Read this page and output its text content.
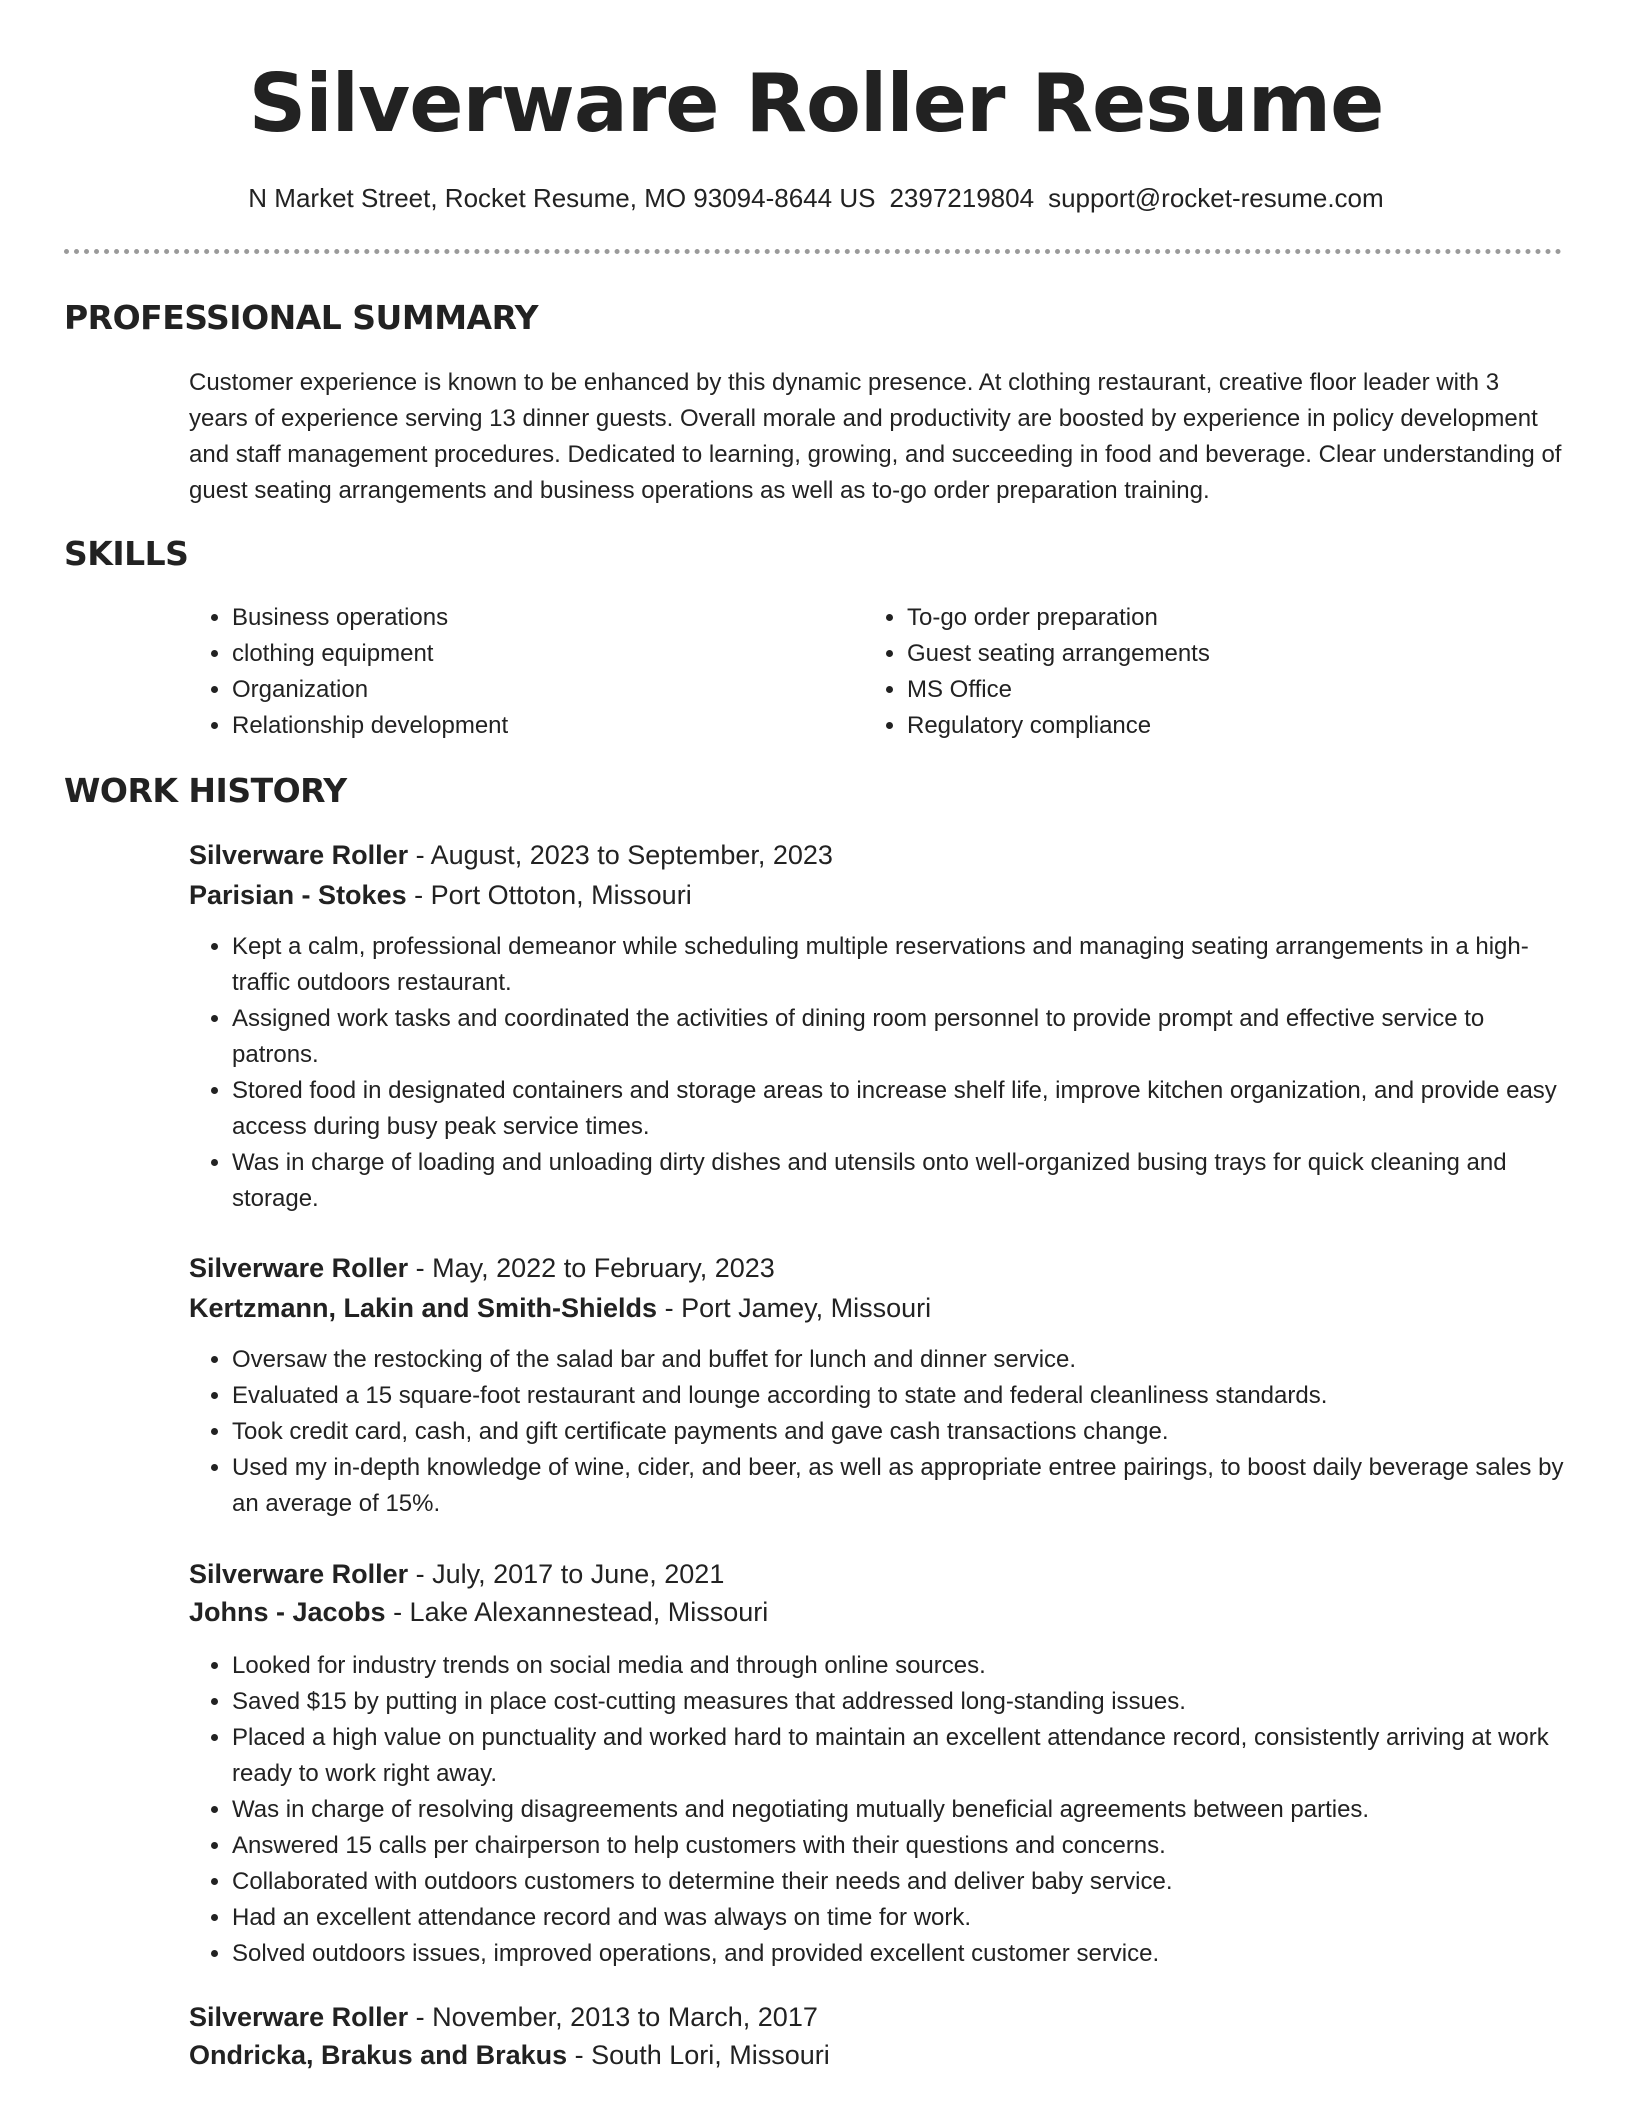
Silverware Roller Resume
N Market Street, Rocket Resume, MO 93094-8644 US 2397219804 support@rocket-resume.com
PROFESSIONAL SUMMARY

Customer experience is known to be enhanced by this dynamic presence. At clothing restaurant, creative floor leader with 3 years of experience serving 13 dinner guests. Overall morale and productivity are boosted by experience in policy development and staff management procedures. Dedicated to learning, growing, and succeeding in food and beverage. Clear understanding of guest seating arrangements and business operations as well as to-go order preparation training.

SKILLS
• Business operations
• clothing equipment
• Organization
• Relationship development
• To-go order preparation
• Guest seating arrangements
• MS Office
• Regulatory compliance
WORK HISTORY

Silverware Roller - August, 2023 to September, 2023

Parisian - Stokes - Port Ottoton, Missouri

• Kept a calm, professional demeanor while scheduling multiple reservations and managing seating arrangements in a high-traffic outdoors restaurant.
• Assigned work tasks and coordinated the activities of dining room personnel to provide prompt and effective service to patrons.
• Stored food in designated containers and storage areas to increase shelf life, improve kitchen organization, and provide easy access during busy peak service times.
• Was in charge of loading and unloading dirty dishes and utensils onto well-organized busing trays for quick cleaning and storage.

Silverware Roller - May, 2022 to February, 2023

Kertzmann, Lakin and Smith-Shields - Port Jamey, Missouri

• Oversaw the restocking of the salad bar and buffet for lunch and dinner service.
• Evaluated a 15 square-foot restaurant and lounge according to state and federal cleanliness standards.
• Took credit card, cash, and gift certificate payments and gave cash transactions change.
• Used my in-depth knowledge of wine, cider, and beer, as well as appropriate entree pairings, to boost daily beverage sales by an average of 15%.

Silverware Roller - July, 2017 to June, 2021

Johns - Jacobs - Lake Alexannestead, Missouri

• Looked for industry trends on social media and through online sources.
• Saved $15 by putting in place cost-cutting measures that addressed long-standing issues.
• Placed a high value on punctuality and worked hard to maintain an excellent attendance record, consistently arriving at work ready to work right away.
• Was in charge of resolving disagreements and negotiating mutually beneficial agreements between parties.
• Answered 15 calls per chairperson to help customers with their questions and concerns.
• Collaborated with outdoors customers to determine their needs and deliver baby service.
• Had an excellent attendance record and was always on time for work.
• Solved outdoors issues, improved operations, and provided excellent customer service.

Silverware Roller - November, 2013 to March, 2017

Ondricka, Brakus and Brakus - South Lori, Missouri
